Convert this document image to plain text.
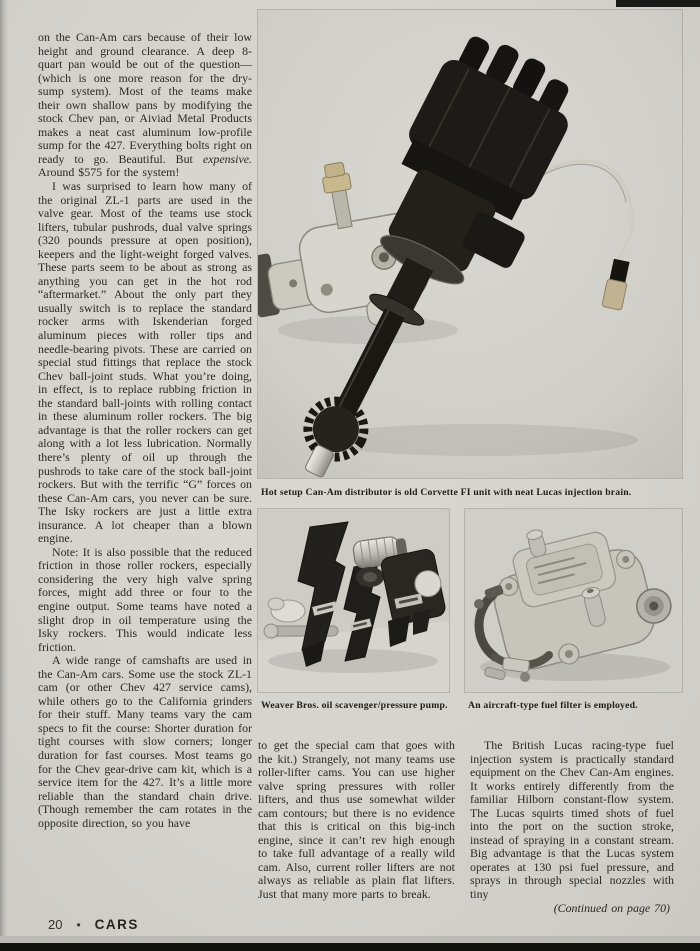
on the Can-Am cars because of their low height and ground clearance. A deep 8-quart pan would be out of the question—(which is one more reason for the dry-sump system). Most of the teams make their own shallow pans by modifying the stock Chev pan, or Aiviad Metal Products makes a neat cast aluminum low-profile sump for the 427. Everything bolts right on ready to go. Beautiful. But expensive. Around $575 for the system!

I was surprised to learn how many of the original ZL-1 parts are used in the valve gear. Most of the teams use stock lifters, tubular pushrods, dual valve springs (320 pounds pressure at open position), keepers and the light-weight forged valves. These parts seem to be about as strong as anything you can get in the hot rod “aftermarket.” About the only part they usually switch is to replace the standard rocker arms with Iskenderian forged aluminum pieces with roller tips and needle-bearing pivots. These are carried on special stud fittings that replace the stock Chev ball-joint studs. What you’re doing, in effect, is to replace rubbing friction in the standard ball-joints with rolling contact in these aluminum roller rockers. The big advantage is that the roller rockers can get along with a lot less lubrication. Normally there’s plenty of oil up through the pushrods to take care of the stock ball-joint rockers. But with the terrific “G” forces on these Can-Am cars, you never can be sure. The Isky rockers are just a little extra insurance. A lot cheaper than a blown engine.

Note: It is also possible that the reduced friction in those roller rockers, especially considering the very high valve spring forces, might add three or four to the engine output. Some teams have noted a slight drop in oil temperature using the Isky rockers. This would indicate less friction.

A wide range of camshafts are used in the Can-Am cars. Some use the stock ZL-1 cam (or other Chev 427 service cams), while others go to the California grinders for their stuff. Many teams vary the cam specs to fit the course: Shorter duration for tight courses with slow corners; longer duration for fast courses. Most teams go for the Chev gear-drive cam kit, which is a service item for the 427. It’s a little more reliable than the standard chain drive. (Though remember the cam rotates in the opposite direction, so you have

Hot setup Can-Am distributor is old Corvette FI unit with neat Lucas injection brain.
Weaver Bros. oil scavenger/pressure pump.	An aircraft-type fuel filter is employed.

to get the special cam that goes with the kit.) Strangely, not many teams use roller-lifter cams. You can use higher valve spring pressures with roller lifters, and thus use somewhat wilder cam contours; but there is no evidence that this is critical on this big-inch engine, since it can’t rev high enough to take full advantage of a really wild cam. Also, current roller lifters are not always as reliable as plain flat lifters. Just that many more parts to break.

The British Lucas racing-type fuel injection system is practically standard equipment on the Chev Can-Am engines. It works entirely differently from the familiar Hilborn constant-flow system. The Lucas squirts timed shots of fuel into the port on the suction stroke, instead of spraying in a constant stream. Big advantage is that the Lucas system operates at 130 psi fuel pressure, and sprays in through special nozzles with tiny

(Continued on page 70)
20 • CARS
